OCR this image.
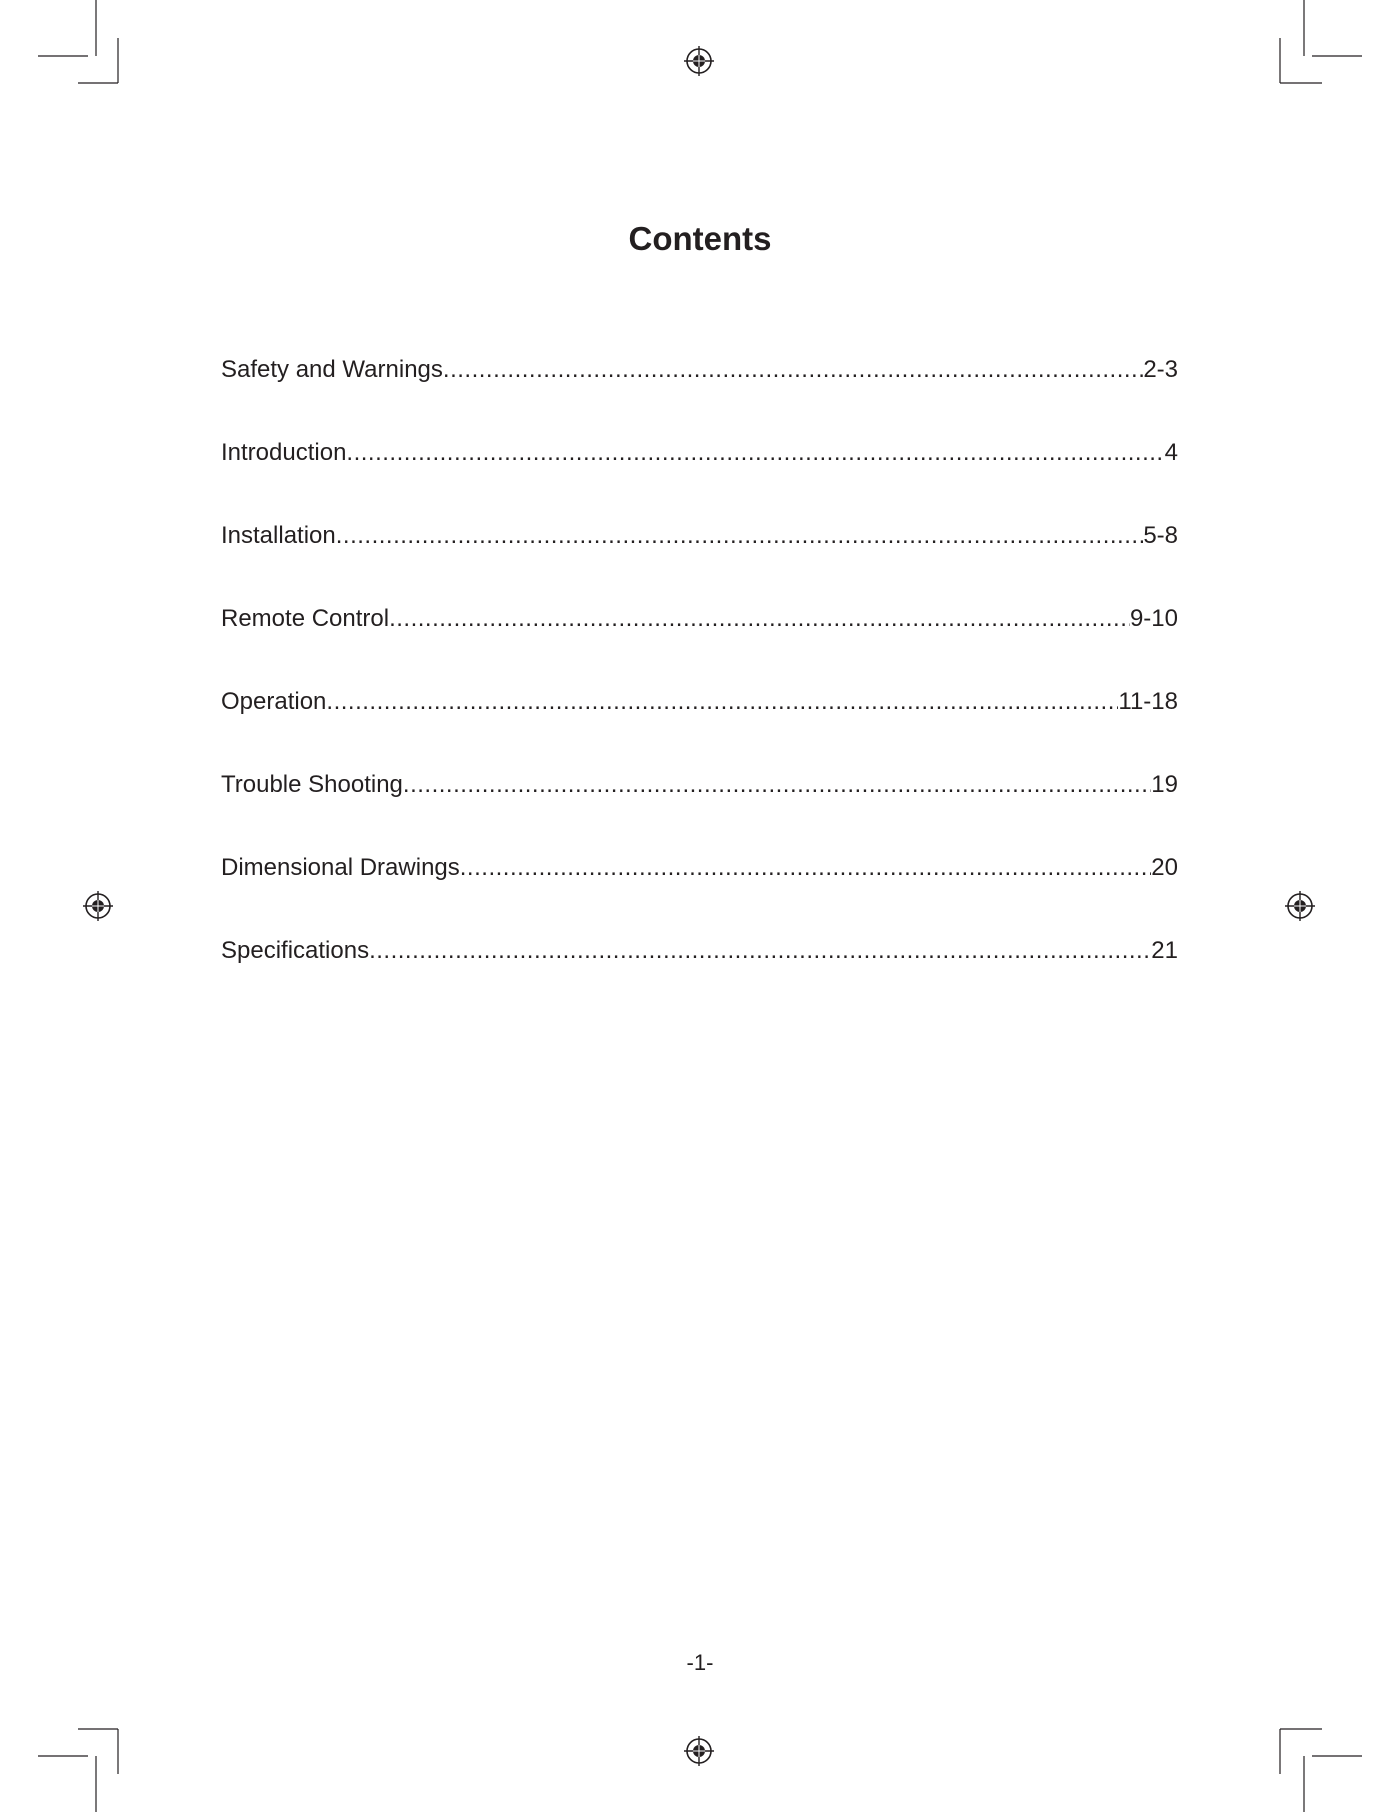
Contents
Safety and Warnings .....	2-3
Introduction .....	4
Installation .....	5-8
Remote Control .....	9-10
Operation .....	11-18
Trouble Shooting .....	19
Dimensional Drawings .....	20
Specifications .....	21

-1-
